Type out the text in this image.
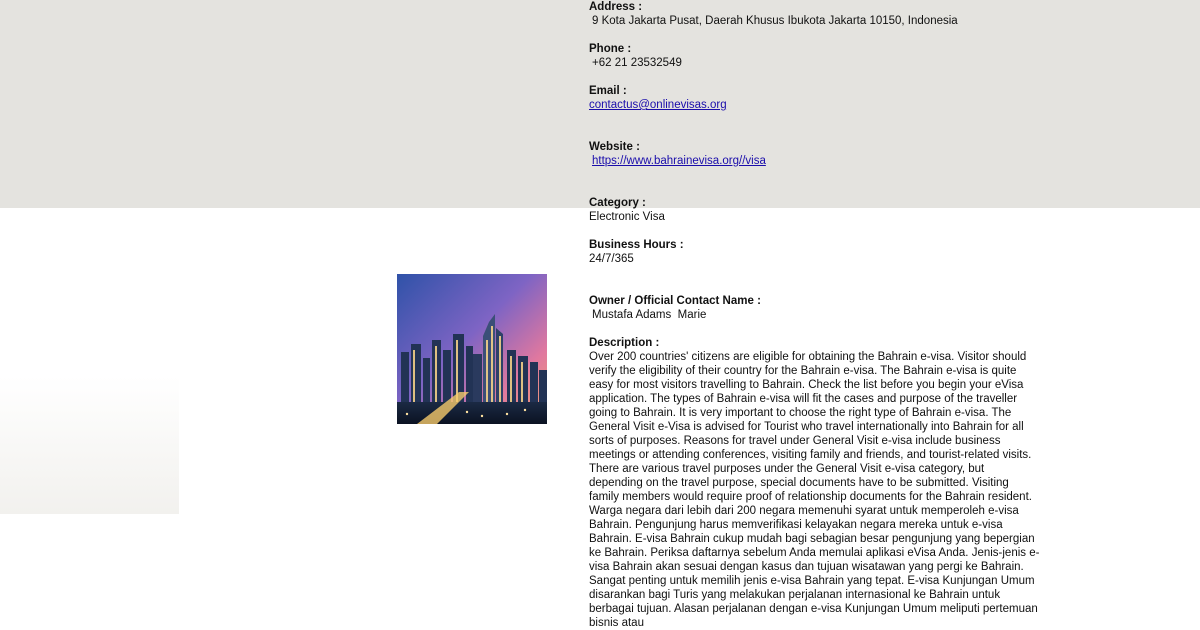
Address :
9 Kota Jakarta Pusat, Daerah Khusus Ibukota Jakarta 10150, Indonesia
Phone :
+62 21 23532549
Email :
contactus@onlinevisas.org
Website :
https://www.bahrainevisa.org//visa
Category :
Electronic Visa
Business Hours :
24/7/365
Owner / Official Contact Name :
Mustafa Adams  Marie
Description :
Over 200 countries' citizens are eligible for obtaining the Bahrain e-visa. Visitor should verify the eligibility of their country for the Bahrain e-visa. The Bahrain e-visa is quite easy for most visitors travelling to Bahrain. Check the list before you begin your eVisa application. The types of Bahrain e-visa will fit the cases and purpose of the traveller going to Bahrain. It is very important to choose the right type of Bahrain e-visa. The General Visit e-Visa is advised for Tourist who travel internationally into Bahrain for all sorts of purposes. Reasons for travel under General Visit e-visa include business meetings or attending conferences, visiting family and friends, and tourist-related visits. There are various travel purposes under the General Visit e-visa category, but depending on the travel purpose, special documents have to be submitted. Visiting family members would require proof of relationship documents for the Bahrain resident. Warga negara dari lebih dari 200 negara memenuhi syarat untuk memperoleh e-visa Bahrain. Pengunjung harus memverifikasi kelayakan negara mereka untuk e-visa Bahrain. E-visa Bahrain cukup mudah bagi sebagian besar pengunjung yang bepergian ke Bahrain. Periksa daftarnya sebelum Anda memulai aplikasi eVisa Anda. Jenis-jenis e-visa Bahrain akan sesuai dengan kasus dan tujuan wisatawan yang pergi ke Bahrain. Sangat penting untuk memilih jenis e-visa Bahrain yang tepat. E-visa Kunjungan Umum disarankan bagi Turis yang melakukan perjalanan internasional ke Bahrain untuk berbagai tujuan. Alasan perjalanan dengan e-visa Kunjungan Umum meliputi pertemuan bisnis atau
